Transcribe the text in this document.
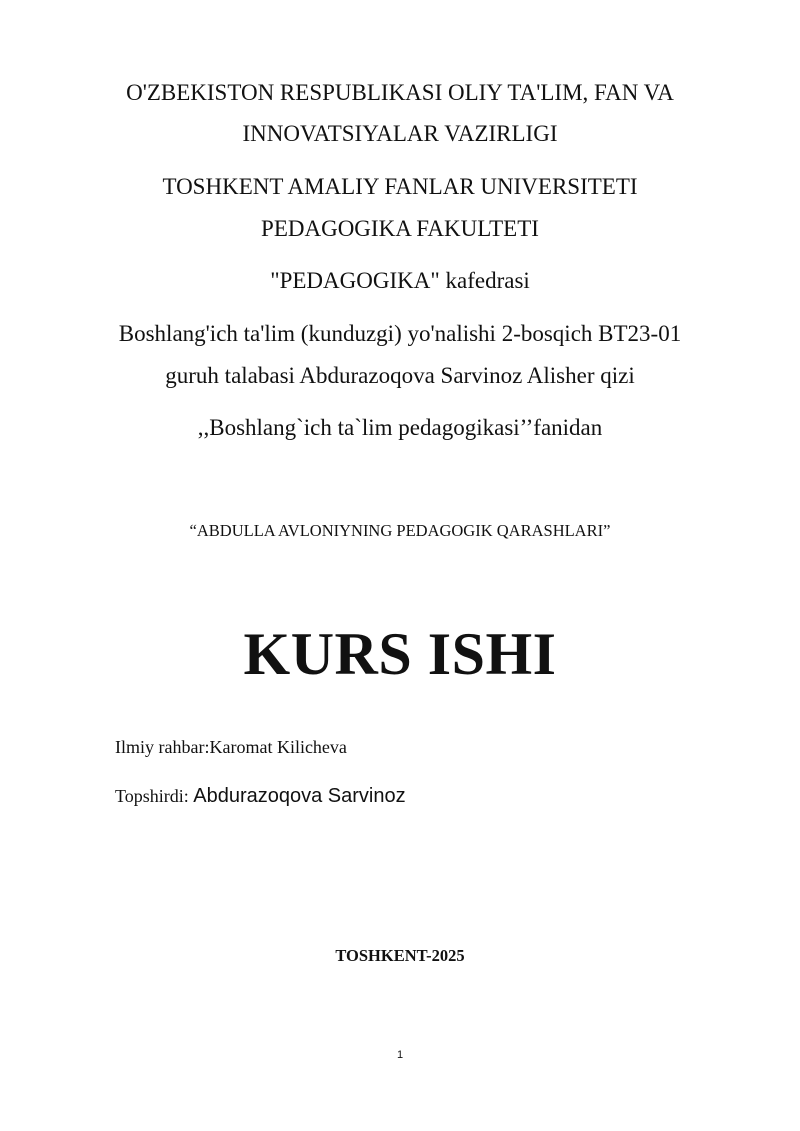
O'ZBEKISTON RESPUBLIKASI OLIY TA'LIM, FAN VA

INNOVATSIYALAR VAZIRLIGI

TOSHKENT AMALIY FANLAR UNIVERSITETI

PEDAGOGIKA FAKULTETI

"PEDAGOGIKA" kafedrasi

Boshlang'ich ta'lim (kunduzgi) yo'nalishi 2-bosqich BT23-01

guruh talabasi Abdurazoqova Sarvinoz Alisher qizi

,,Boshlang`ich ta`lim pedagogikasi’’fanidan

“ABDULLA AVLONIYNING PEDAGOGIK QARASHLARI”

KURS ISHI

Ilmiy rahbar:Karomat Kilicheva

Topshirdi: Abdurazoqova Sarvinoz

TOSHKENT-2025

1
